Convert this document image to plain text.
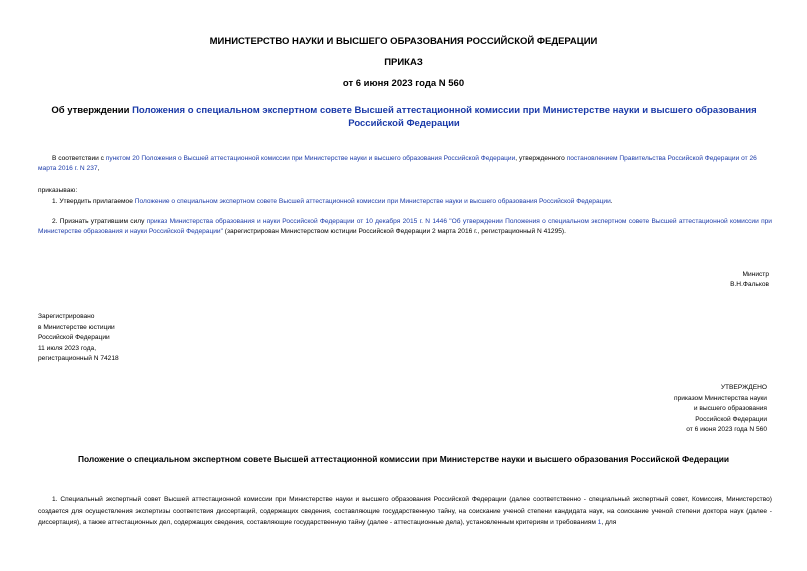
МИНИСТЕРСТВО НАУКИ И ВЫСШЕГО ОБРАЗОВАНИЯ РОССИЙСКОЙ ФЕДЕРАЦИИ
ПРИКАЗ
от 6 июня 2023 года N 560
Об утверждении Положения о специальном экспертном совете Высшей аттестационной комиссии при Министерстве науки и высшего образования Российской Федерации
В соответствии с пунктом 20 Положения о Высшей аттестационной комиссии при Министерстве науки и высшего образования Российской Федерации, утвержденного постановлением Правительства Российской Федерации от 26 марта 2016 г. N 237,
приказываю:
1. Утвердить прилагаемое Положение о специальном экспертном совете Высшей аттестационной комиссии при Министерстве науки и высшего образования Российской Федерации.
2. Признать утратившим силу приказ Министерства образования и науки Российской Федерации от 10 декабря 2015 г. N 1446 "Об утверждении Положения о специальном экспертном совете Высшей аттестационной комиссии при Министерстве образования и науки Российской Федерации" (зарегистрирован Министерством юстиции Российской Федерации 2 марта 2016 г., регистрационный N 41295).
Министр
В.Н.Фальков
Зарегистрировано
в Министерстве юстиции
Российской Федерации
11 июля 2023 года,
регистрационный N 74218
УТВЕРЖДЕНО
приказом Министерства науки
и высшего образования
Российской Федерации
от 6 июня 2023 года N 560
Положение о специальном экспертном совете Высшей аттестационной комиссии при Министерстве науки и высшего образования Российской Федерации
1. Специальный экспертный совет Высшей аттестационной комиссии при Министерстве науки и высшего образования Российской Федерации (далее соответственно - специальный экспертный совет, Комиссия, Министерство) создается для осуществления экспертизы соответствия диссертаций, содержащих сведения, составляющие государственную тайну, на соискание ученой степени кандидата наук, на соискание ученой степени доктора наук (далее - диссертация), а также аттестационных дел, содержащих сведения, составляющие государственную тайну (далее - аттестационные дела), установленным критериям и требованиям 1, для
